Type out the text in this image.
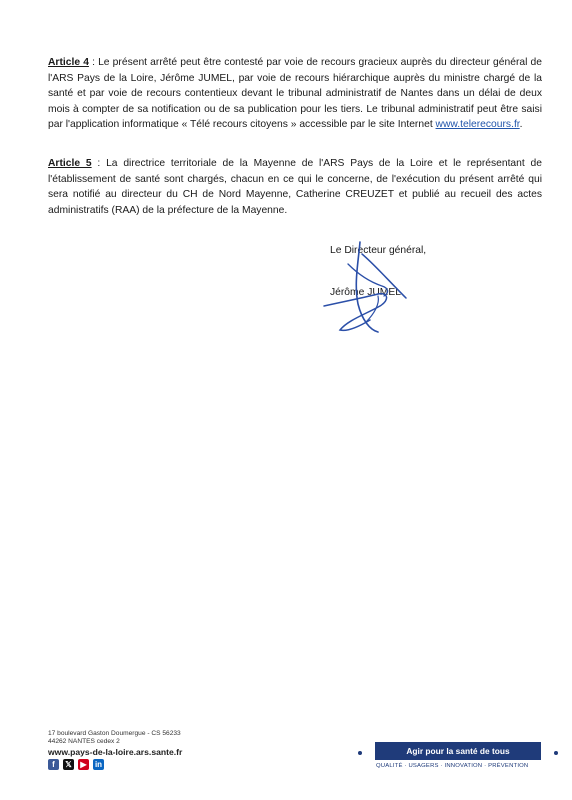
Article 4 : Le présent arrêté peut être contesté par voie de recours gracieux auprès du directeur général de l'ARS Pays de la Loire, Jérôme JUMEL, par voie de recours hiérarchique auprès du ministre chargé de la santé et par voie de recours contentieux devant le tribunal administratif de Nantes dans un délai de deux mois à compter de sa notification ou de sa publication pour les tiers. Le tribunal administratif peut être saisi par l'application informatique « Télé recours citoyens » accessible par le site Internet www.telerecours.fr.

Article 5 : La directrice territoriale de la Mayenne de l'ARS Pays de la Loire et le représentant de l'établissement de santé sont chargés, chacun en ce qui le concerne, de l'exécution du présent arrêté qui sera notifié au directeur du CH de Nord Mayenne, Catherine CREUZET et publié au recueil des actes administratifs (RAA) de la préfecture de la Mayenne.

Le Directeur général,
Jérôme JUMEL
17 boulevard Gaston Doumergue - CS 56233
44262 NANTES cedex 2
www.pays-de-la-loire.ars.sante.fr
f	𝕏	▶	in
Agir pour la santé de tous
QUALITÉ · USAGERS · INNOVATION · PRÉVENTION
